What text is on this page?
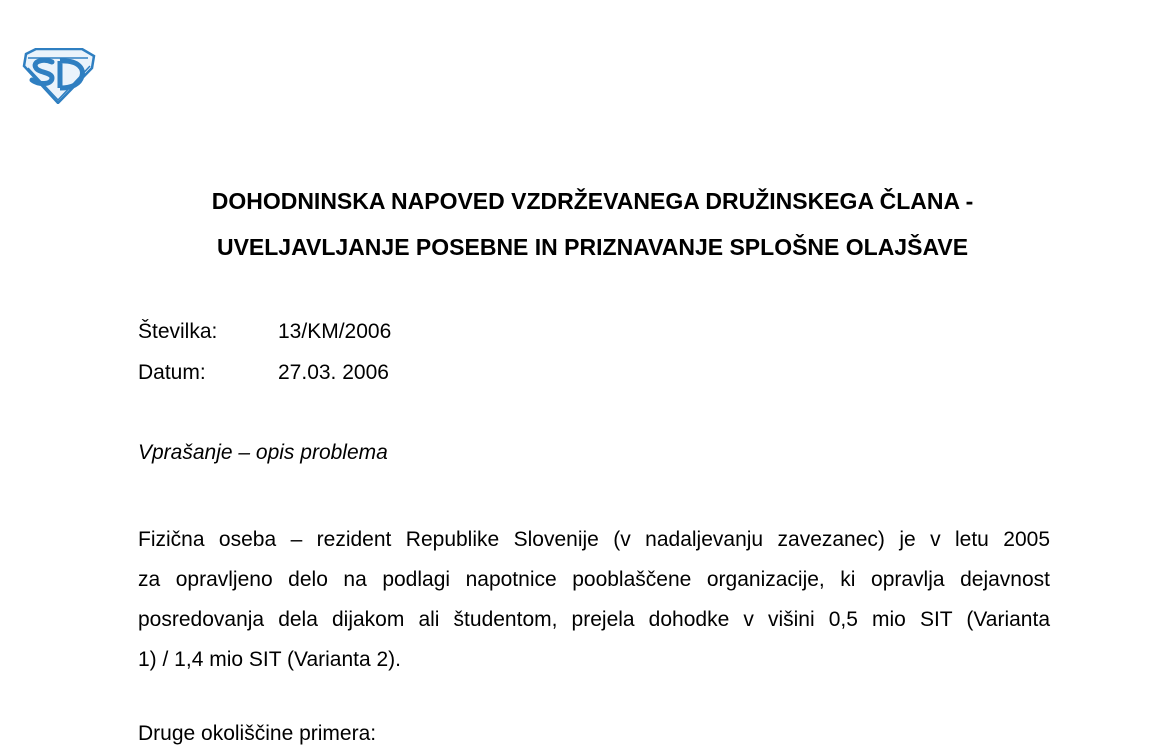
DOHODNINSKA NAPOVED VZDRŽEVANEGA DRUŽINSKEGA ČLANA -
UVELJAVLJANJE POSEBNE IN PRIZNAVANJE SPLOŠNE OLAJŠAVE
Številka:	13/KM/2006
Datum:	27.03. 2006
Vprašanje – opis problema
Fizična oseba – rezident Republike Slovenije (v nadaljevanju zavezanec) je v letu 2005
za opravljeno delo na podlagi napotnice pooblaščene organizacije, ki opravlja dejavnost
posredovanja dela dijakom ali študentom, prejela dohodke v višini 0,5 mio SIT (Varianta
1) / 1,4 mio SIT (Varianta 2).
Druge okoliščine primera:
